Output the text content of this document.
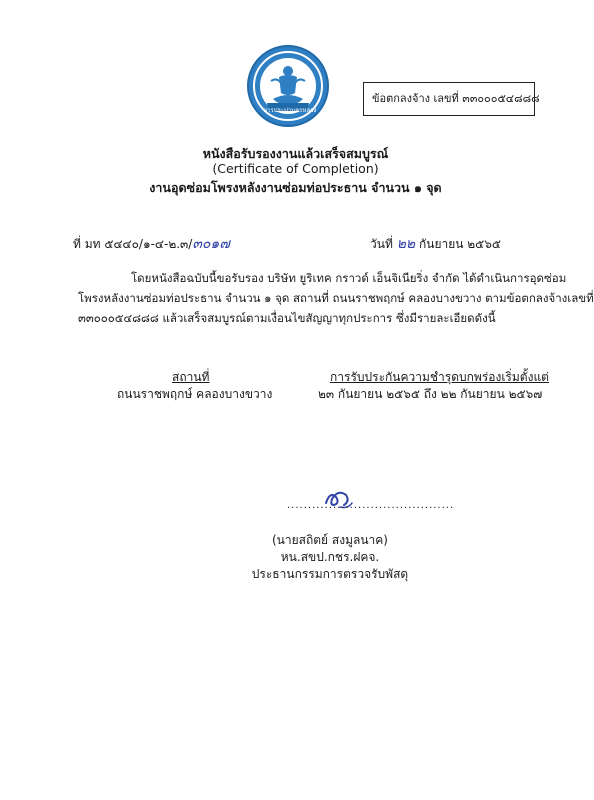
การประปานครหลวง
ข้อตกลงจ้าง เลขที่ ๓๓๐๐๐๕๔๘๘๘
หนังสือรับรองงานแล้วเสร็จสมบูรณ์
(Certificate of Completion)
งานอุดซ่อมโพรงหลังงานซ่อมท่อประธาน จำนวน ๑ จุด
ที่ มท ๕๔๔๐/๑-๔-๒.๓/๓๐๑๗	วันที่ ๒๒ กันยายน ๒๕๖๕

โดยหนังสือฉบับนี้ขอรับรอง บริษัท ยูริเทค กราวด์ เอ็นจิเนียริ่ง จำกัด ได้ดำเนินการอุดซ่อม

โพรงหลังงานซ่อมท่อประธาน จำนวน ๑ จุด สถานที่ ถนนราชพฤกษ์ คลองบางขวาง ตามข้อตกลงจ้างเลขที่

๓๓๐๐๐๕๔๘๘๘ แล้วเสร็จสมบูรณ์ตามเงื่อนไขสัญญาทุกประการ ซึ่งมีรายละเอียดดังนี้

สถานที่
ถนนราชพฤกษ์ คลองบางขวาง
การรับประกันความชำรุดบกพร่องเริ่มตั้งแต่
๒๓ กันยายน ๒๕๖๕ ถึง ๒๒ กันยายน ๒๕๖๗
........................................
(นายสถิตย์ สงมูลนาค)
หน.สขป.กชร.ฝคจ.
ประธานกรรมการตรวจรับพัสดุ
